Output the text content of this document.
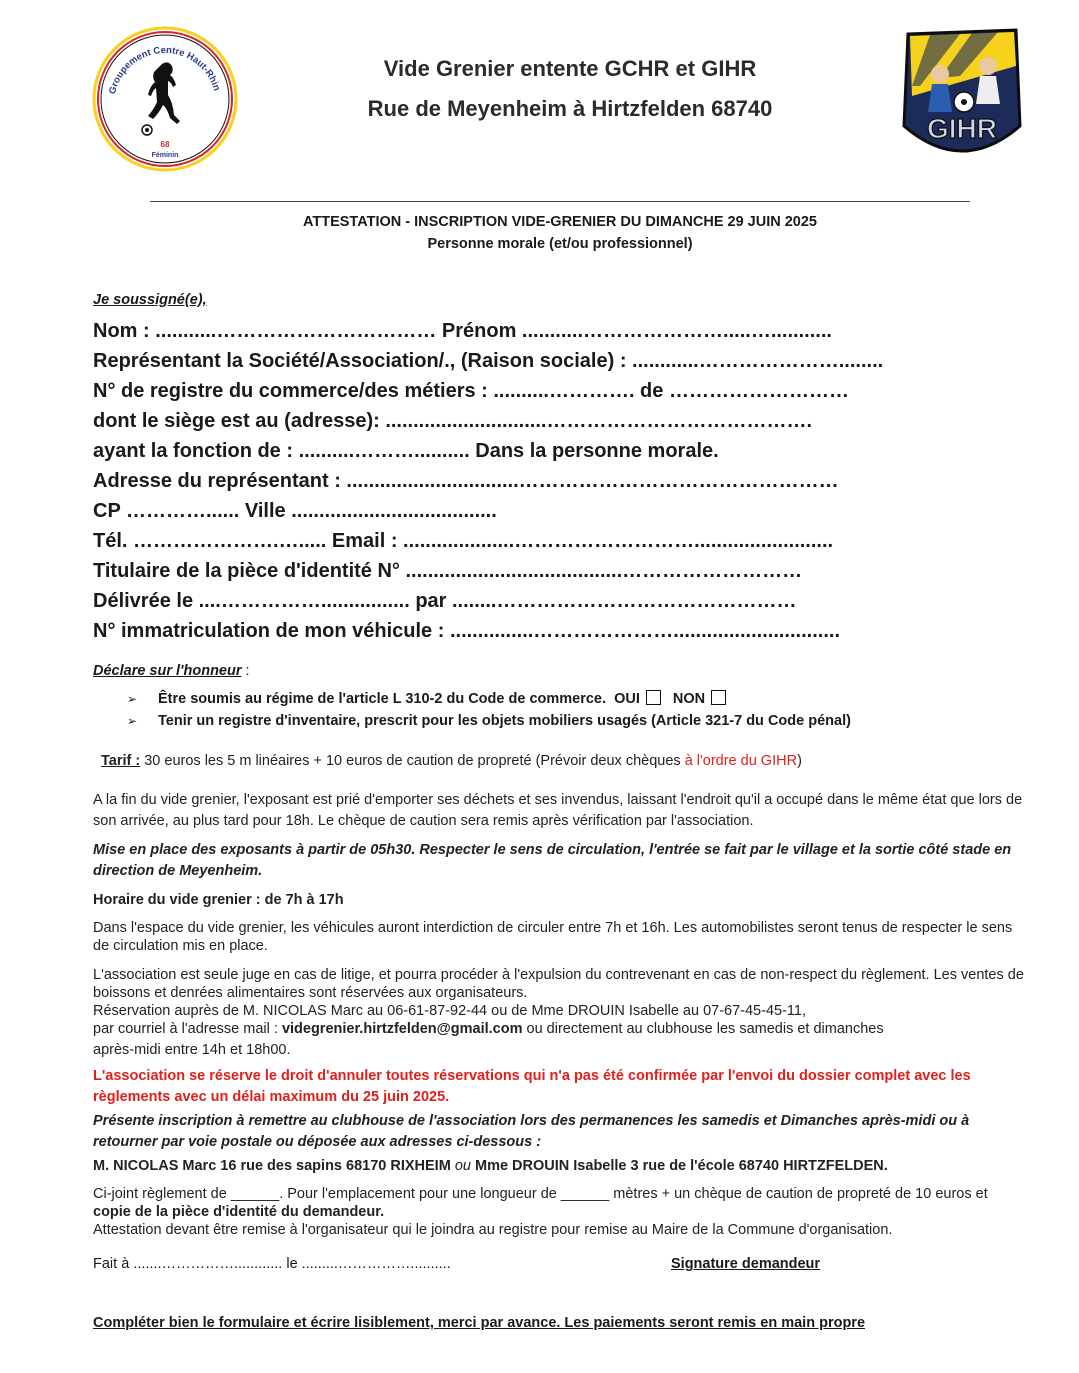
Groupement Centre Haut-Rhin
68
Féminin
Vide Grenier entente GCHR et GIHR
Rue de Meyenheim à Hirtzfelden 68740
GIHR
ATTESTATION - INSCRIPTION VIDE-GRENIER DU DIMANCHE 29 JUIN 2025
Personne morale (et/ou professionnel)
Je soussigné(e),
Nom : ...........…………………………… Prénom ...........………………….....…...........
Représentant la Société/Association/., (Raison sociale) : ............…………………........
N° de registre du commerce/des métiers : ..........…………. de ………………………
dont le siège est au (adresse): .............................………………………………….
ayant la fonction de : ..........……….......... Dans la personne morale.
Adresse du représentant : ...............................…………………………………………
CP …………...... Ville .....................................
Tél. ………………….…..... Email : ....................……………………….........................
Titulaire de la pièce d'identité N° .......................................………………………
Délivrée le ....……………................ par ........………………………………………
N° immatriculation de mon véhicule : ...............…………………..............................
Déclare sur l'honneur :
➢ Être soumis au régime de l'article L 310-2 du Code de commerce. OUI NON
➢ Tenir un registre d'inventaire, prescrit pour les objets mobiliers usagés (Article 321-7 du Code pénal)
Tarif : 30 euros les 5 m linéaires + 10 euros de caution de propreté (Prévoir deux chèques à l'ordre du GIHR)
A la fin du vide grenier, l'exposant est prié d'emporter ses déchets et ses invendus, laissant l'endroit qu'il a occupé dans le même état que lors de son arrivée, au plus tard pour 18h. Le chèque de caution sera remis après vérification par l'association.
Mise en place des exposants à partir de 05h30. Respecter le sens de circulation, l'entrée se fait par le village et la sortie côté stade en direction de Meyenheim.
Horaire du vide grenier : de 7h à 17h
Dans l'espace du vide grenier, les véhicules auront interdiction de circuler entre 7h et 16h. Les automobilistes seront tenus de respecter le sens de circulation mis en place.
L'association est seule juge en cas de litige, et pourra procéder à l'expulsion du contrevenant en cas de non-respect du règlement. Les ventes de boissons et denrées alimentaires sont réservées aux organisateurs.
Réservation auprès de M. NICOLAS Marc au 06-61-87-92-44 ou de Mme DROUIN Isabelle au 07-67-45-45-11,
par courriel à l'adresse mail : videgrenier.hirtzfelden@gmail.com ou directement au clubhouse les samedis et dimanches
après-midi entre 14h et 18h00.
L'association se réserve le droit d'annuler toutes réservations qui n'a pas été confirmée par l'envoi du dossier complet avec les règlements avec un délai maximum du 25 juin 2025.
Présente inscription à remettre au clubhouse de l'association lors des permanences les samedis et Dimanches après-midi ou à retourner par voie postale ou déposée aux adresses ci-dessous :
M. NICOLAS Marc 16 rue des sapins 68170 RIXHEIM ou Mme DROUIN Isabelle 3 rue de l'école 68740 HIRTZFELDEN.
Ci-joint règlement de ______. Pour l'emplacement pour une longueur de ______ mètres + un chèque de caution de propreté de 10 euros et copie de la pièce d'identité du demandeur.
Attestation devant être remise à l'organisateur qui le joindra au registre pour remise au Maire de la Commune d'organisation.
Fait à .......……………............ le .........……………..........	Signature demandeur
Compléter bien le formulaire et écrire lisiblement, merci par avance. Les paiements seront remis en main propre
